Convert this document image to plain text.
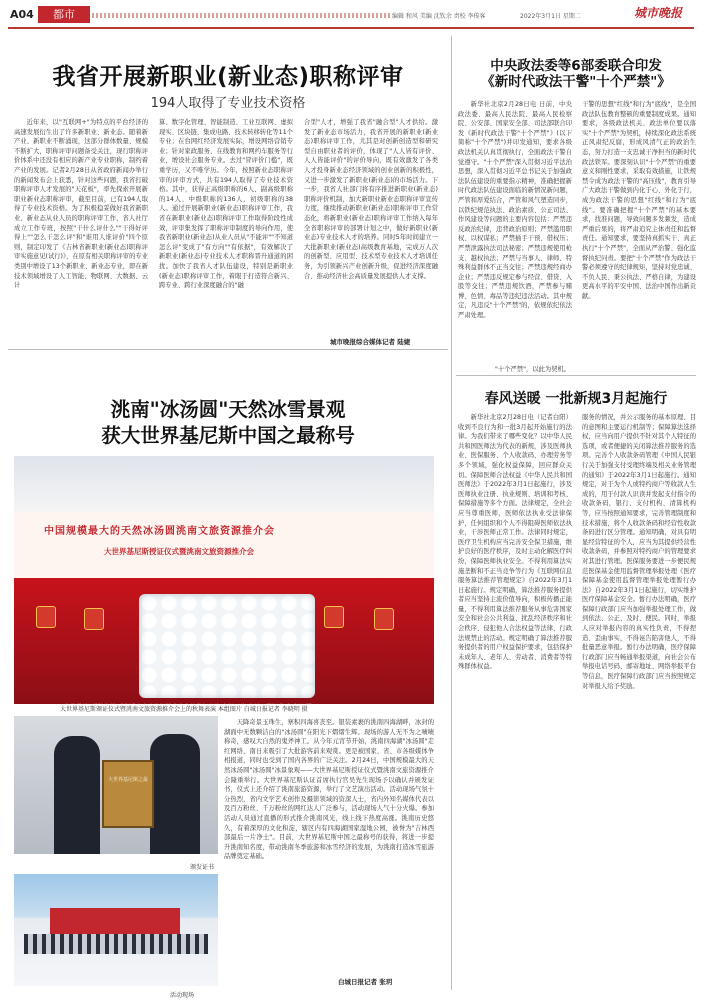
A04	都市	编辑 和风 美编 沈钦余 责校 李传客	2022年3月1日 星期二	城市晚报
我省开展新职业(新业态)职称评审
194人取得了专业技术资格
近年来，以"互联网+"为特点的平台经济的高速发展衍生出了许多新职业、新业态。随着新产业、新职业不断涌现，这部分群体数量、规模不断扩大，职称评审问题备受关注，现行职称评价体系中还没有相应的新产业专业职称，制约着产业的发展。记者2月28日从省政府新闻办举行的新闻发布会上获悉，针对这些问题，我省打破职称评审人才发展的"天花板"，率先探索开展新职业新业态职称评审，截至目前，已有194人取得了专业技术资格。为了积极稳妥做好我省新职业、新业态从业人员的职称评审工作，省人社厅成立工作专班，按照"干什么评什么""干得好评得上""怎么干怎么评"和"谁用人谁评价"四个原则，制定印发了《吉林省新职业(新业态)职称评审实施意见(试行)》，在原有相关职称评审的专业类别中增设了13个新职业、新业态专业，即在新技术领域增设了人工智能、物联网、大数据、云计
算、数字化管理、智能制造、工业互联网、虚拟现实、区块链、集成电路、技术转移转化等11个专业；在台网红经济发展实际，增设网络营销专业；针对家政服务、在线教育和网约车服务等行业，增设社会服务专业。去过"冒评价门槛"，既重学历，又不唯学历。今年，按照新业态职称评审的评审方式，共有194人取得了专业技术资格。其中，获得正高级职称的6人、副高级职称的14人、中级职称的136人，初级职称的38人。通过开展新职业(新业态)职称评审工作，我省在新职业(新业态)职称评审工作取得阶段性成效，评审集发挥了职称评审制度的导向作用，使我省新职业(新业态)从业人员从"不能评""不知道怎么评"变成了"有方向""有依据"，有效解决了新职业(新业态)专业技术人才职称晋升通道的困扰。加快了我省人才队伍建设，特别是新职业(新业态)职称评审工作，着眼于打造符合新兴、跨专业、跨行业深度融合的"融
合型"人才，增强了我省"融合型"人才供给。激发了新业态市场活力，我省开展的新职业(新业态)职称评审工作，尤其是对创新创造型和研究型自由职业者的评价，体现了"人人皆有评价、人人皆能评价"的评价导向，既有效激发了各类人才投身新业态经济领域的创业创新的积极性，又进一步激发了新职业(新业态)的市场活力。下一步，我省人社部门将有序推进新职业(新业态)职称评价机制，加大新职业新业态职称评审宣传力度，继续推动新职业(新业态)职称评审工作常态化，将新职业(新业态)职称评审工作纳入每年全省职称评审的部署计划之中，做好新职业(新业态)专业技术人才的培养。同时5年时间建立一大批新职业(新业态)高级教育基地，完成万人次的创新型、应用型、技术型专业技术人才培训任务，为引领新兴产业创新升级，促进经济深度融合、推动经济社会高质量发展提供人才支撑。
城市晚报综合媒体记者 陆婕
中央政法委等6部委联合印发
《新时代政法干警"十个严禁"》
新华社北京2月28日电 日前，中央政法委、最高人民法院、最高人民检察院、公安部、国家安全部、司法部联合印发《新时代政法干警"十个严禁"》(以下简称"十个严禁")并印发通知，要求各级政法机关认真贯彻执行，全面政法干警自觉遵守。"十个严禁"深入贯彻习近平法治思想，深入贯彻习近平总书记关于加强政法队伍建设的重要指示精神，准确把握新时代政法队伍建设面临的新情况新问题，严管和厚爱结合，严管和风气塑造同步，以铁纪规范执法、政治素质、公正司法、作风建设等问题的主要内容包括：严禁违反政治纪律，违背政治原则；严禁滥用职权、以权谋私；严禁插手干预、借权压；严禁泄露执法司法秘密；严禁违规使用枪支、越权执法；严禁与当事人、律师、特殊利益群体不正当交往；严禁违规经商办企业；严禁违反规定参与经营、借贷、入股等交往；严禁违规饮酒，严禁参与赌博、色情、毒品等违纪违法活动。其中规定，凡违反"十个严禁"的，依规依纪依法严肃处理。
干警的思想"红线"和行为"底线"，是全国政法队伍教育整顿的重要制度成果。通知要求，各级政法机关、政法单位要以落实"十个严禁"为契机，持续深化政法系统正风肃纪反腐，形成风清气正的政治生态，努力打造一支忠诚干净担当的新时代政法铁军。要深刻认识"十个严禁"的重要意义和刚性要求，采取有效措施，让铁规禁令成为政法干警的"高压线"，教育引导广大政法干警做到内化于心、外化于行，成为政法干警的思想"红线"和行为"底线"。要准确把握"十个严禁"的基本要求，找准问题，导致问题多发频发，造成严重后果的，将严肃追究主体责任和监督责任。通知要求，要坚持真抓实干、真正执行"十个严禁"，全面从严治警、强化监督执纪问责。要把"十个严禁"作为政法干警必须遵守的纪律规矩，坚持对党忠诚、不负人民、秉公执法、严格自律，为建设更高水平的平安中国、法治中国作出新贡献。
"十个严禁"，以此为契机。
春风送暖 一批新规3月起施行
新华社北京2月28日电（记者白阳）收到不良行为和一批3月起开始施行的法律。为我们带来了哪些变化？以中华人民共和国医师法为代表的新规，涉及医师执业、医保服务、个人收款码、办理劳务等多个领域，强化权益保障，回应群众关切。保障医师合法权益《中华人民共和国医师法》于2022年3月1日起施行，涉及医师执业注册、执业规则、培训和考核、保障措施等多个方面。法律规定，全社会应当尊重医师，医师依法执业受法律保护，任何组织和个人不得阻碍医师依法执业，干涉医师正常工作。法律同时规定，医疗卫生机构应当完善安全保卫措施，维护良好的医疗秩序，及时主动化解医疗纠纷，保障医师执业安全。不得利用算法实施垄断和不正当竞争等行为《互联网信息服务算法推荐管理规定》自2022年3月1日起施行。规定明确，算法推荐服务提供者应当坚持主流价值导向，积极传播正能量，不得利用算法推荐服务从事危害国家安全和社会公共利益、扰乱经济秩序和社会秩序、侵犯他人合法权益等法律、行政法规禁止的活动。规定明确了算法推荐服务提供者的用户权益保护要求，包括保护未成年人、老年人、劳动者、消费者等特殊群体权益。
服务的情况，并公示服务的基本原理、目的意图和主要运行机制等；保障算法选择权，应当向用户提供不针对其个人特征的选项，或者便捷的关闭算法推荐服务的选项。完善个人收款条码管理《中国人民银行关于加强支付受理终端及相关业务管理的通知》于2022年3月1日起施行。通知规定，对于为个人或特约商户等收款人生成的，用于付款人识读并发起支付指令的收款条码，银行、支付机构、清算机构等，应当按照通知要求，完善管理制度和技术措施，将个人收款条码和经营性收款条码进行区分管理。通知明确，对具有明显经营特征的个人，应当为其提供经营性收款条码，并参照对特约商户的管理要求对其进行管理。医保服务要进一步便民规范医保基金使用监督管理举报处理《医疗保障基金使用监督管理举报处理暂行办法》自2022年3月1日起施行，切实维护医疗保障基金安全。暂行办法明确，医疗保障行政部门应当加强举报处理工作，做到依法、公正、及时、便民。同时，举报人应对举报内容的真实性负责，不得捏造、歪曲事实，不得诬告陷害他人，不得批量恶意举报。暂行办法明确，医疗保障行政部门应当畅通举报渠道，向社会公布举报电话号码、邮寄地址、网络举报平台等信息，医疗保障行政部门应当按照规定对举报人给予奖励。
洮南"冰汤圆"天然冰雪景观
获大世界基尼斯中国之最称号
中国规模最大的天然冰汤圆洮南文旅资源推介会
大世界基尼斯授证仪式暨洮南文旅资源推介会
大世界基尼斯颁证仪式暨洮南文旅资源推介会上的秋舞表演 本组图片 白城日报记者 李晓明 摄
大世界基尼斯之最
颁发证书
活动现场
天降奇景玉珠生，寨积四海喜丧至。银装素裹的洮南四海湖畔，冰封的湖面中无数颗洁白的"冰汤圆"在阳光下熠熠生辉。现场的游人无不为之啧啧称奇，感叹大自然的鬼斧神工。从今年元宵节开始，洮南四海湖"冰汤圆"走红网络，南日来吸引了大批游客前来观赏。更是被国家、省、市各级媒体争相报道，同时也受到了国内各界的广泛关注。2月24日，中国规模最大的天然冰汤圆"冰汤圆"冰景象观——大世界基尼斯授证仪式暨洮南文旅资源推介会隆重举行。大世界基尼斯认证首席执行官吴先生现场予以确认并颁发证书，仪式上还介绍了洮南旅游资源，举行了文艺演出活动。活动现场气氛十分热烈，省内文学艺术创作及摄影领域的资深人士，省内外知名媒体代表以及百万粉丝、千万粉丝的网红达人广泛参与，活动现场人气十分火爆。参加活动人员通过直播的形式推介洮南风光，线上线下热度高涨。洮南历史悠久，有着深厚的文化积淀，辖区内有四海湖国家湿地公园，被誉为"吉林西部最后一片净土"。目前，大世界基尼斯中国之最称号的获得，将进一步提升洮南知名度，带动洮南冬季旅游和冰雪经济的发展，为洮南打造冰雪旅游品牌奠定基础。
白城日报记者 张玥
